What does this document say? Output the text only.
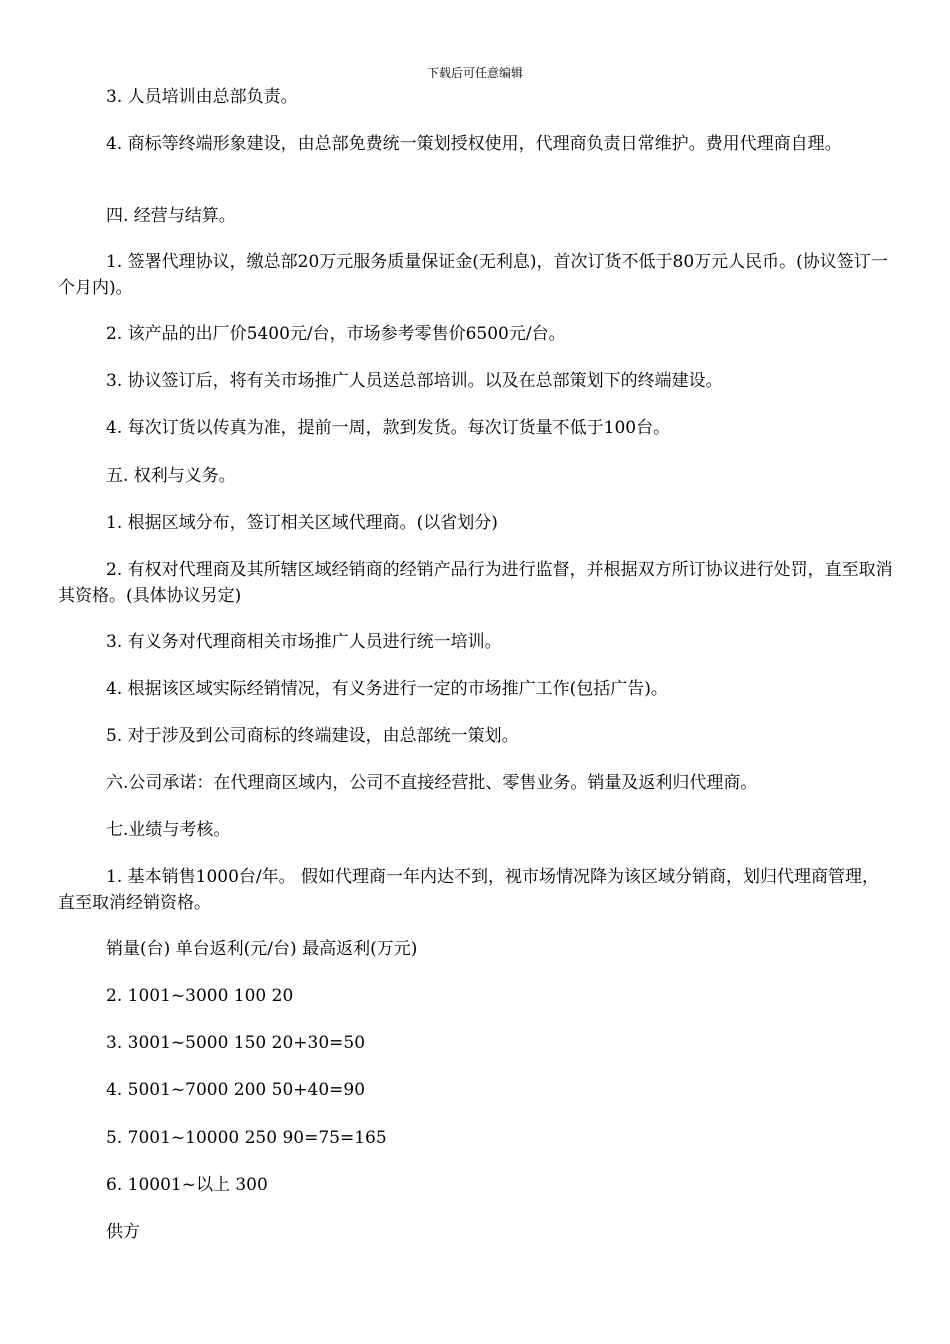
下载后可任意编辑
3. 人员培训由总部负责。
4. 商标等终端形象建设，由总部免费统一策划授权使用，代理商负责日常维护。费用代理商自理。
四. 经营与结算。
1. 签署代理协议，缴总部20万元服务质量保证金(无利息)，首次订货不低于80万元人民币。(协议签订一个月内)。
2. 该产品的出厂价5400元/台，市场参考零售价6500元/台。
3. 协议签订后，将有关市场推广人员送总部培训。以及在总部策划下的终端建设。
4. 每次订货以传真为准，提前一周，款到发货。每次订货量不低于100台。
五. 权利与义务。
1. 根据区域分布，签订相关区域代理商。(以省划分)
2. 有权对代理商及其所辖区域经销商的经销产品行为进行监督，并根据双方所订协议进行处罚，直至取消其资格。(具体协议另定)
3. 有义务对代理商相关市场推广人员进行统一培训。
4. 根据该区域实际经销情况，有义务进行一定的市场推广工作(包括广告)。
5. 对于涉及到公司商标的终端建设，由总部统一策划。
六.公司承诺：在代理商区域内，公司不直接经营批、零售业务。销量及返利归代理商。
七.业绩与考核。
1. 基本销售1000台/年。 假如代理商一年内达不到，视市场情况降为该区域分销商，划归代理商管理，直至取消经销资格。
销量(台) 单台返利(元/台) 最高返利(万元)
2. 1001~3000 100 20
3. 3001~5000 150 20+30=50
4. 5001~7000 200 50+40=90
5. 7001~10000 250 90=75=165
6. 10001~以上 300
供方
